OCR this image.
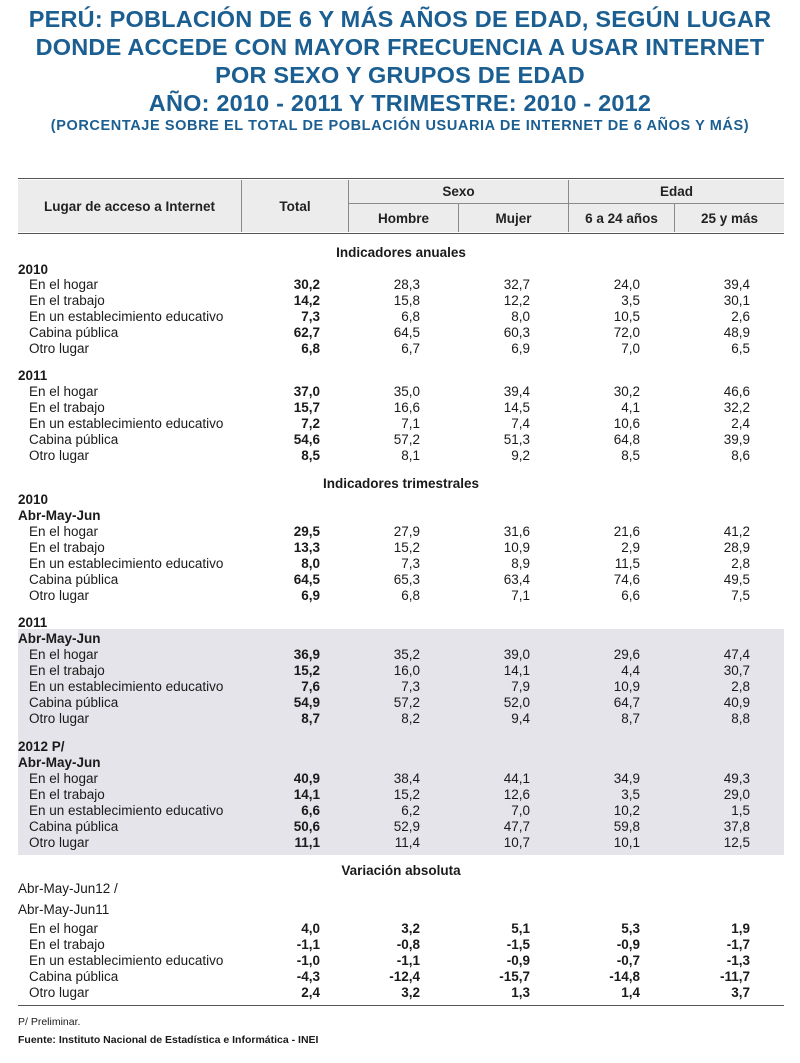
PERÚ: POBLACIÓN DE 6 Y MÁS AÑOS DE EDAD, SEGÚN LUGAR
DONDE ACCEDE CON MAYOR FRECUENCIA A USAR INTERNET
POR SEXO Y GRUPOS DE EDAD
AÑO: 2010 - 2011 Y TRIMESTRE: 2010 - 2012
(PORCENTAJE SOBRE EL TOTAL DE POBLACIÓN USUARIA DE INTERNET DE 6 AÑOS Y MÁS)
Lugar de acceso a Internet	Total
Sexo	Edad
Hombre	Mujer	6 a 24 años	25 y más
Indicadores anuales
2010
En el hogar	30,2	28,3	32,7	24,0	39,4
En el trabajo	14,2	15,8	12,2	3,5	30,1
En un establecimiento educativo	7,3	6,8	8,0	10,5	2,6
Cabina pública	62,7	64,5	60,3	72,0	48,9
Otro lugar	6,8	6,7	6,9	7,0	6,5
2011
En el hogar	37,0	35,0	39,4	30,2	46,6
En el trabajo	15,7	16,6	14,5	4,1	32,2
En un establecimiento educativo	7,2	7,1	7,4	10,6	2,4
Cabina pública	54,6	57,2	51,3	64,8	39,9
Otro lugar	8,5	8,1	9,2	8,5	8,6
Indicadores trimestrales
2010
Abr-May-Jun
En el hogar	29,5	27,9	31,6	21,6	41,2
En el trabajo	13,3	15,2	10,9	2,9	28,9
En un establecimiento educativo	8,0	7,3	8,9	11,5	2,8
Cabina pública	64,5	65,3	63,4	74,6	49,5
Otro lugar	6,9	6,8	7,1	6,6	7,5
2011
Abr-May-Jun
En el hogar	36,9	35,2	39,0	29,6	47,4
En el trabajo	15,2	16,0	14,1	4,4	30,7
En un establecimiento educativo	7,6	7,3	7,9	10,9	2,8
Cabina pública	54,9	57,2	52,0	64,7	40,9
Otro lugar	8,7	8,2	9,4	8,7	8,8
2012 P/
Abr-May-Jun
En el hogar	40,9	38,4	44,1	34,9	49,3
En el trabajo	14,1	15,2	12,6	3,5	29,0
En un establecimiento educativo	6,6	6,2	7,0	10,2	1,5
Cabina pública	50,6	52,9	47,7	59,8	37,8
Otro lugar	11,1	11,4	10,7	10,1	12,5
Variación absoluta
Abr-May-Jun12 /
Abr-May-Jun11
En el hogar	4,0	3,2	5,1	5,3	1,9
En el trabajo	-1,1	-0,8	-1,5	-0,9	-1,7
En un establecimiento educativo	-1,0	-1,1	-0,9	-0,7	-1,3
Cabina pública	-4,3	-12,4	-15,7	-14,8	-11,7
Otro lugar	2,4	3,2	1,3	1,4	3,7
P/ Preliminar.
Fuente: Instituto Nacional de Estadística e Informática - INEI
